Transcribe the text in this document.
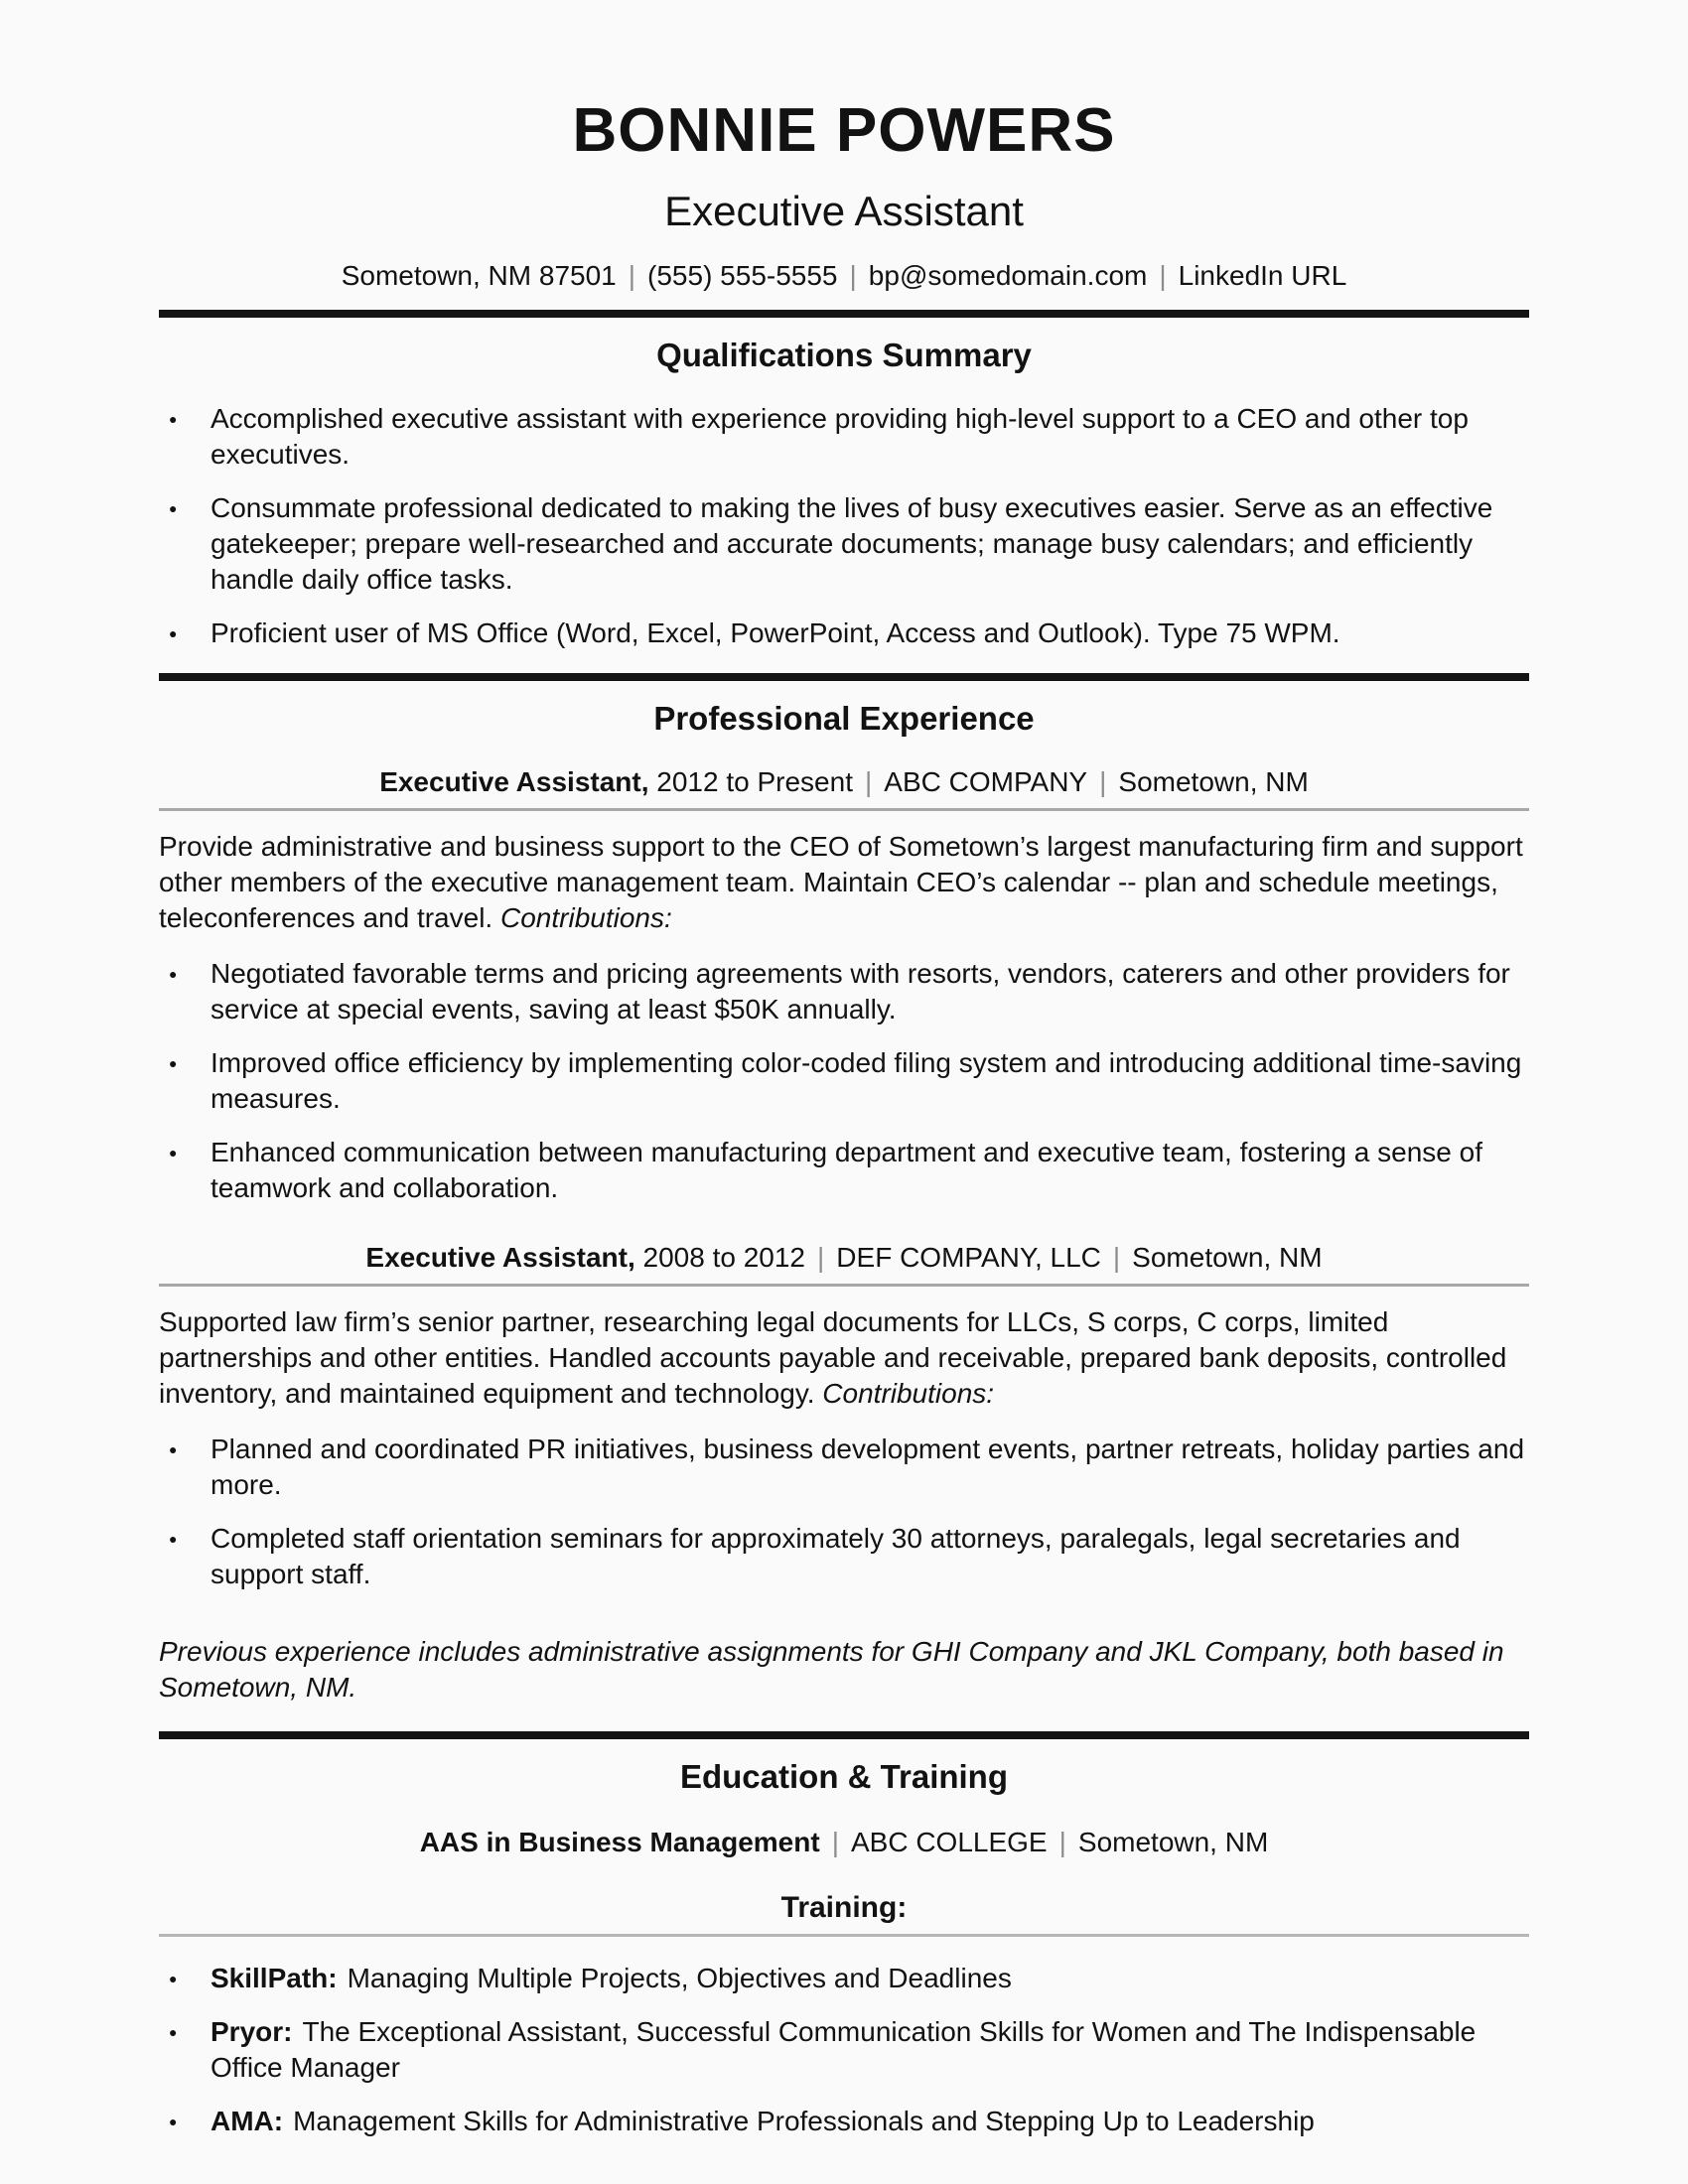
BONNIE POWERS
Executive Assistant
Sometown, NM 87501 | (555) 555-5555 | bp@somedomain.com | LinkedIn URL
Qualifications Summary
●	Accomplished executive assistant with experience providing high-level support to a CEO and other top executives.
●	Consummate professional dedicated to making the lives of busy executives easier. Serve as an effective gatekeeper; prepare well-researched and accurate documents; manage busy calendars; and efficiently handle daily office tasks.
●	Proficient user of MS Office (Word, Excel, PowerPoint, Access and Outlook). Type 75 WPM.
Professional Experience
Executive Assistant, 2012 to Present | ABC COMPANY | Sometown, NM

Provide administrative and business support to the CEO of Sometown’s largest manufacturing firm and support other members of the executive management team. Maintain CEO’s calendar -- plan and schedule meetings, teleconferences and travel. Contributions:

●	Negotiated favorable terms and pricing agreements with resorts, vendors, caterers and other providers for service at special events, saving at least $50K annually.
●	Improved office efficiency by implementing color-coded filing system and introducing additional time-saving measures.
●	Enhanced communication between manufacturing department and executive team, fostering a sense of teamwork and collaboration.
Executive Assistant, 2008 to 2012 | DEF COMPANY, LLC | Sometown, NM

Supported law firm’s senior partner, researching legal documents for LLCs, S corps, C corps, limited partnerships and other entities. Handled accounts payable and receivable, prepared bank deposits, controlled inventory, and maintained equipment and technology. Contributions:

●	Planned and coordinated PR initiatives, business development events, partner retreats, holiday parties and more.
●	Completed staff orientation seminars for approximately 30 attorneys, paralegals, legal secretaries and support staff.

Previous experience includes administrative assignments for GHI Company and JKL Company, both based in Sometown, NM.

Education & Training
AAS in Business Management | ABC COLLEGE | Sometown, NM
Training:
●	SkillPath: Managing Multiple Projects, Objectives and Deadlines
●	Pryor: The Exceptional Assistant, Successful Communication Skills for Women and The Indispensable Office Manager
●	AMA: Management Skills for Administrative Professionals and Stepping Up to Leadership
